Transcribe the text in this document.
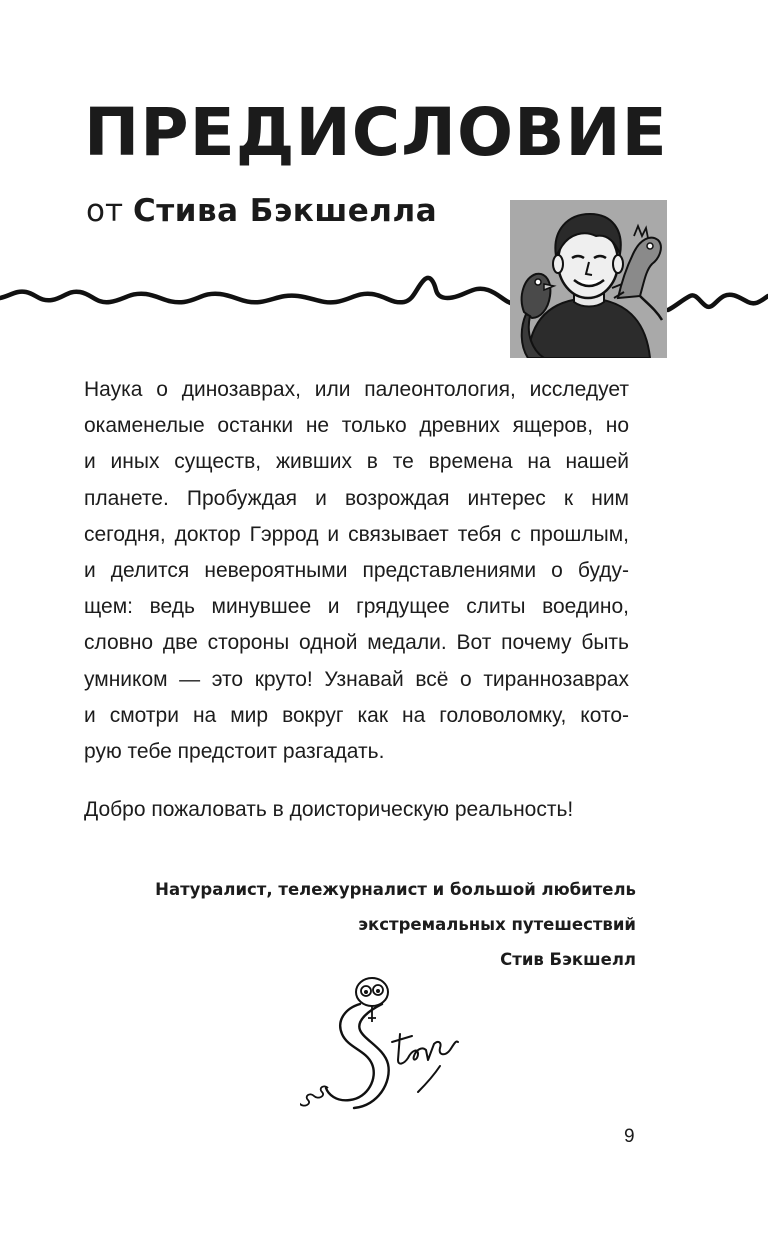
ПРЕДИСЛОВИЕ
от Стива Бэкшелла
Наука о динозаврах, или палеонтология, исследует
окаменелые останки не только древних ящеров, но
и иных существ, живших в те времена на нашей
планете. Пробуждая и возрождая интерес к ним
сегодня, доктор Гэррод и связывает тебя с прошлым,
и делится невероятными представлениями о буду-
щем: ведь минувшее и грядущее слиты воедино,
словно две стороны одной медали. Вот почему быть
умником — это круто! Узнавай всё о тираннозаврах
и смотри на мир вокруг как на головоломку, кото-
рую тебе предстоит разгадать.
Добро пожаловать в доисторическую реальность!
Натуралист, тележурналист и большой любитель
экстремальных путешествий
Стив Бэкшелл
9
